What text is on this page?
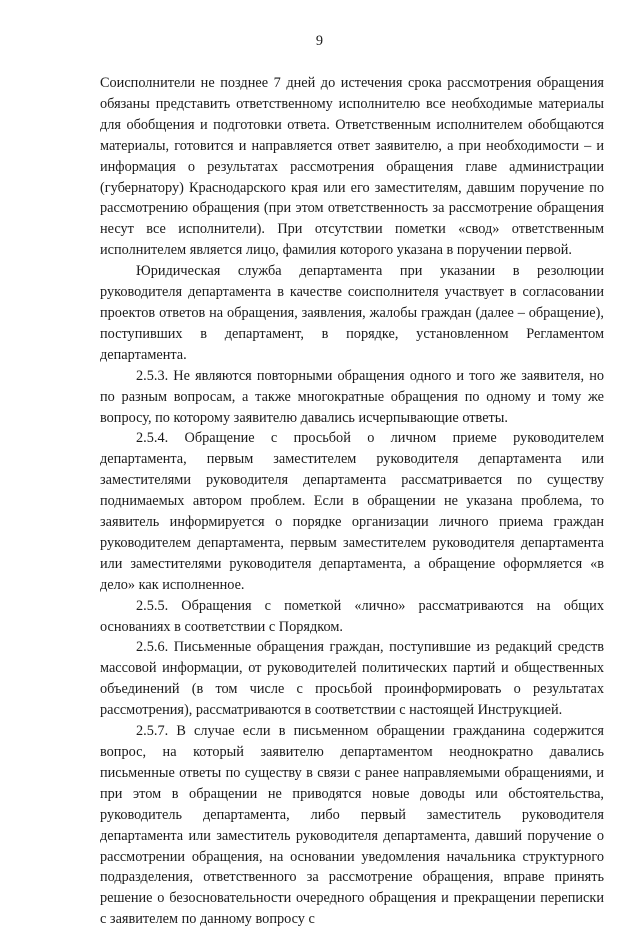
9

Соисполнители не позднее 7 дней до истечения срока рассмотрения обращения обязаны представить ответственному исполнителю все необходимые материалы для обобщения и подготовки ответа. Ответственным исполнителем обобщаются материалы, готовится и направляется ответ заявителю, а при необходимости – и информация о результатах рассмотрения обращения главе администрации (губернатору) Краснодарского края или его заместителям, давшим поручение по рассмотрению обращения (при этом ответственность за рассмотрение обращения несут все исполнители). При отсутствии пометки «свод» ответственным исполнителем является лицо, фамилия которого указана в поручении первой.

Юридическая служба департамента при указании в резолюции руководителя департамента в качестве соисполнителя участвует в согласовании проектов ответов на обращения, заявления, жалобы граждан (далее – обращение), поступивших в департамент, в порядке, установленном Регламентом департамента.

2.5.3. Не являются повторными обращения одного и того же заявителя, но по разным вопросам, а также многократные обращения по одному и тому же вопросу, по которому заявителю давались исчерпывающие ответы.

2.5.4. Обращение с просьбой о личном приеме руководителем департамента, первым заместителем руководителя департамента или заместителями руководителя департамента рассматривается по существу поднимаемых автором проблем. Если в обращении не указана проблема, то заявитель информируется о порядке организации личного приема граждан руководителем департамента, первым заместителем руководителя департамента или заместителями руководителя департамента, а обращение оформляется «в дело» как исполненное.

2.5.5. Обращения с пометкой «лично» рассматриваются на общих основаниях в соответствии с Порядком.

2.5.6. Письменные обращения граждан, поступившие из редакций средств массовой информации, от руководителей политических партий и общественных объединений (в том числе с просьбой проинформировать о результатах рассмотрения), рассматриваются в соответствии с настоящей Инструкцией.

2.5.7. В случае если в письменном обращении гражданина содержится вопрос, на который заявителю департаментом неоднократно давались письменные ответы по существу в связи с ранее направляемыми обращениями, и при этом в обращении не приводятся новые доводы или обстоятельства, руководитель департамента, либо первый заместитель руководителя департамента или заместитель руководителя департамента, давший поручение о рассмотрении обращения, на основании уведомления начальника структурного подразделения, ответственного за рассмотрение обращения, вправе принять решение о безосновательности очередного обращения и прекращении переписки с заявителем по данному вопросу с
